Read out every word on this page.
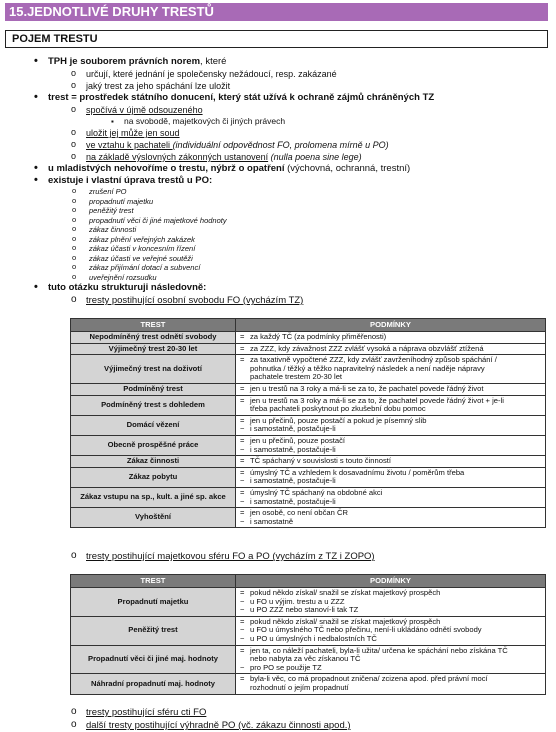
15.JEDNOTLIVÉ DRUHY TRESTŮ
POJEM TRESTU
• TPH je souborem právních norem, které
o určují, které jednání je společensky nežádoucí, resp. zakázané
o jaký trest za jeho spáchání lze uložit
• trest = prostředek státního donucení, který stát užívá k ochraně zájmů chráněných TZ
o spočívá v újmě odsouzeného
▪ na svobodě, majetkových či jiných právech
o uložit jej může jen soud
o ve vztahu k pachateli (individuální odpovědnost FO, prolomena mírně u PO)
o na základě výslovných zákonných ustanovení (nulla poena sine lege)
• u mladistvých nehovoříme o trestu, nýbrž o opatření (výchovná, ochranná, trestní)
• existuje i vlastní úprava trestů u PO:
o zrušení PO
o propadnutí majetku
o peněžitý trest
o propadnutí věci či jiné majetkové hodnoty
o zákaz činnosti
o zákaz plnění veřejných zakázek
o zákaz účasti v koncesním řízení
o zákaz účasti ve veřejné soutěži
o zákaz přijímání dotací a subvencí
o uveřejnění rozsudku
• tuto otázku strukturuji následovně:
o tresty postihující osobní svobodu FO (vycházím TZ)
TREST	PODMÍNKY
Nepodmíněný trest odnětí svobody	= za každý TČ (za podmínky přiměřenosti)

Výjimečný trest 20-30 let	= za ZZZ, kdy závažnost ZZZ zvlášť vysoká a náprava obzvlášť ztížená

Výjimečný trest na doživotí	= za taxativně vypočtené ZZZ, kdy zvlášť zavrženíhodný způsob spáchání /
pohnutka / těžký a těžko napravitelný následek a není naděje nápravy
pachatele trestem 20-30 let

Podmíněný trest	= jen u trestů na 3 roky a má-li se za to, že pachatel povede řádný život

Podmíněný trest s dohledem	= jen u trestů na 3 roky a má-li se za to, že pachatel povede řádný život + je-li
třeba pachateli poskytnout po zkušební dobu pomoc

Domácí vězení	= jen u přečinů, pouze postačí a pokud je písemný slib
− i samostatně, postačuje-li

Obecně prospěšné práce	= jen u přečinů, pouze postačí
− i samostatně, postačuje-li

Zákaz činnosti	= TČ spáchaný v souvislosti s touto činností

Zákaz pobytu	= úmyslný TČ a vzhledem k dosavadnímu životu / poměrům třeba
− i samostatně, postačuje-li

Zákaz vstupu na sp., kult. a jiné sp. akce	= úmyslný TČ spáchaný na obdobné akci
− i samostatně, postačuje-li

Vyhoštění	= jen osobě, co není občan ČR
− i samostatně
o tresty postihující majetkovou sféru FO a PO (vycházím z TZ i ZOPO)
TREST	PODMÍNKY
Propadnutí majetku	= pokud někdo získal/ snažil se získat majetkový prospěch
− u FO u výjim. trestu a u ZZZ
− u PO ZZZ nebo stanoví-li tak TZ

Peněžitý trest	= pokud někdo získal/ snažil se získat majetkový prospěch
− u FO u úmyslného TČ nebo přečinu, není-li ukládáno odnětí svobody
− u PO u úmyslných i nedbalostních TČ

Propadnutí věci či jiné maj. hodnoty	= jen ta, co náleží pachateli, byla-li užita/ určena ke spáchání nebo získána TČ
nebo nabyta za věc získanou TČ
− pro PO se použije TZ

Náhradní propadnutí maj. hodnoty	= byla-li věc, co má propadnout zničena/ zcizena apod. před právní mocí
rozhodnutí o jejím propadnutí
o tresty postihující sféru cti FO
o další tresty postihující výhradně PO (vč. zákazu činnosti apod.)
